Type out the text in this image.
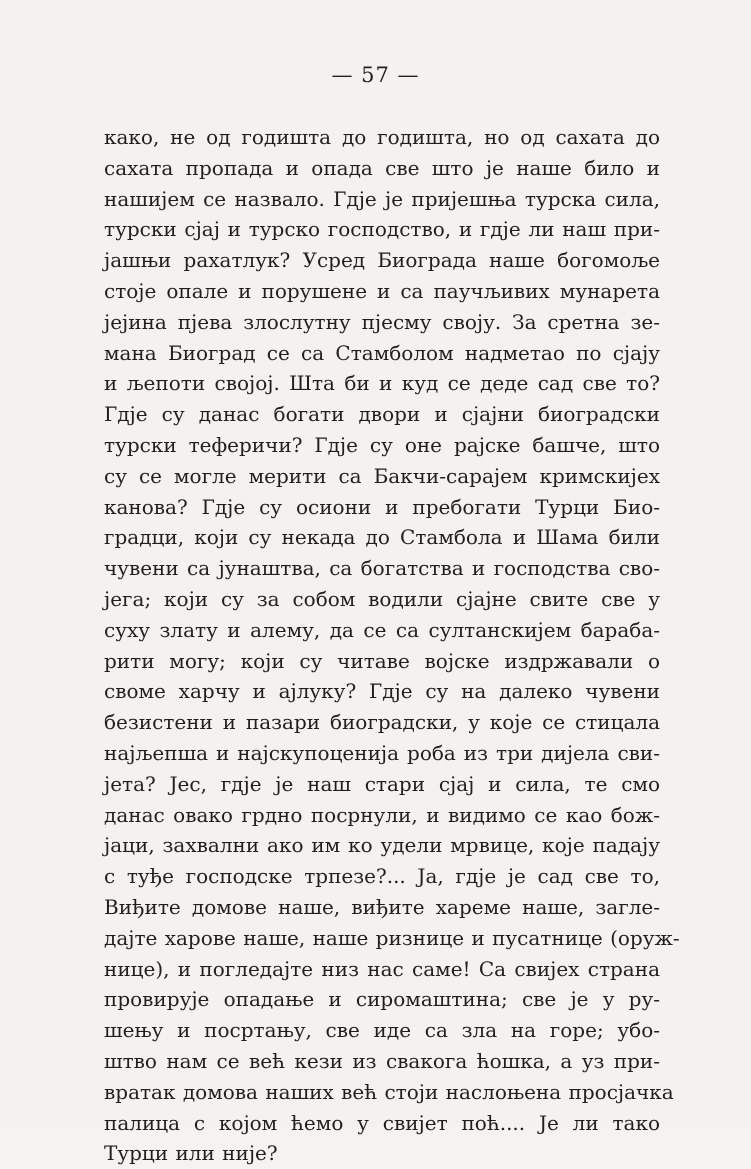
— 57 —
како, не од годишта до годишта, но од сахата до
сахата пропада и опада све што је наше било и
нашијем се назвало. Гдје је пријешња турска сила,
турски сјај и турско господство, и гдје ли наш при-
јашњи рахатлук? Усред Биограда наше богомоље
стоје опале и порушене и са паучљивих мунарета
јејина пјева злослутну пјесму своју. За сретна зе-
мана Биоград се са Стамболом надметао по сјају
и љепоти својој. Шта би и куд се деде сад све то?
Гдје су данас богати двори и сјајни биоградски
турски теферичи? Гдје су оне рајске башче, што
су се могле мерити са Бакчи-сарајем кримскијех
канова? Гдје су осиони и пребогати Турци Био-
градци, који су некада до Стамбола и Шама били
чувени са јунаштва, са богатства и господства сво-
јега; који су за собом водили сјајне свите све у
суху злату и алему, да се са султанскијем бараба-
рити могу; који су читаве војске издржавали о
своме харчу и ајлуку? Гдје су на далеко чувени
безистени и пазари биоградски, у које се стицала
најљепша и најскупоценија роба из три дијела сви-
јета? Јес, гдје је наш стари сјај и сила, те смо
данас овако грдно посрнули, и видимо се као бож-
јаци, захвални ако им ко удели мрвице, које падају
с туђе господске трпезе?... Ја, гдје је сад све то,
Виђите домове наше, виђите хареме наше, загле-
дајте харове наше, наше ризнице и пусатнице (оруж-
нице), и погледајте низ нас саме! Са свијех страна
провирује опадање и сиромаштина; све је у ру-
шењу и посртању, све иде са зла на горе; убо-
штво нам се већ кези из свакога ћошка, а уз при-
вратак домова наших већ стоји наслоњена просјачка
палица с којом ћемо у свијет поћ.... Је ли тако
Турци или није?
